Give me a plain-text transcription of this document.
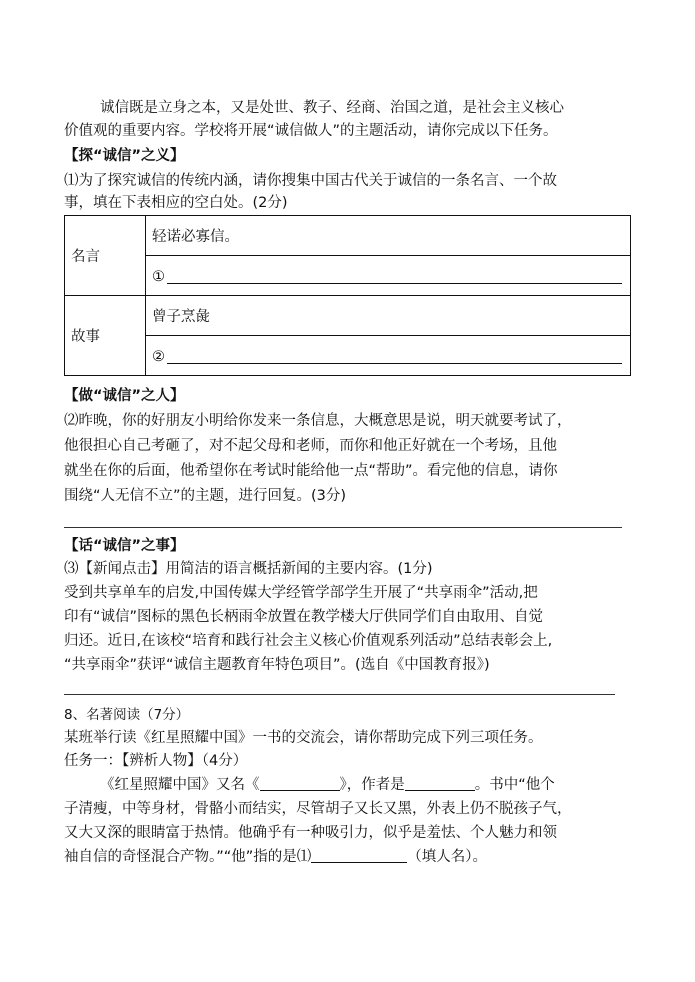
诚信既是立身之本，又是处世、教子、经商、治国之道，是社会主义核心
价值观的重要内容。学校将开展“诚信做人”的主题活动，请你完成以下任务。
【探“诚信”之义】
⑴为了探究诚信的传统内涵，请你搜集中国古代关于诚信的一条名言、一个故
事，填在下表相应的空白处。(2分)
名言	轻诺必寡信。
	①
故事	曾子烹彘
	②
【做“诚信”之人】
⑵昨晚，你的好朋友小明给你发来一条信息，大概意思是说，明天就要考试了，
他很担心自己考砸了，对不起父母和老师，而你和他正好就在一个考场，且他
就坐在你的后面，他希望你在考试时能给他一点“帮助”。看完他的信息，请你
围绕“人无信不立”的主题，进行回复。(3分)
【话“诚信”之事】
⑶【新闻点击】用简洁的语言概括新闻的主要内容。(1分)
受到共享单车的启发,中国传媒大学经管学部学生开展了“共享雨伞”活动,把
印有“诚信”图标的黑色长柄雨伞放置在教学楼大厅供同学们自由取用、自觉
归还。近日,在该校“培育和践行社会主义核心价值观系列活动”总结表彰会上,
“共享雨伞”获评“诚信主题教育年特色项目”。(选自《中国教育报》)
8、名著阅读（7分）
某班举行读《红星照耀中国》一书的交流会，请你帮助完成下列三项任务。
任务一：【辨析人物】（4分）
《红星照耀中国》又名《	》，作者是	。书中“他个
子清瘦，中等身材，骨骼小而结实，尽管胡子又长又黑，外表上仍不脱孩子气，
又大又深的眼睛富于热情。他确乎有一种吸引力，似乎是羞怯、个人魅力和领
袖自信的奇怪混合产物。”“他”指的是⑴	（填人名）。
